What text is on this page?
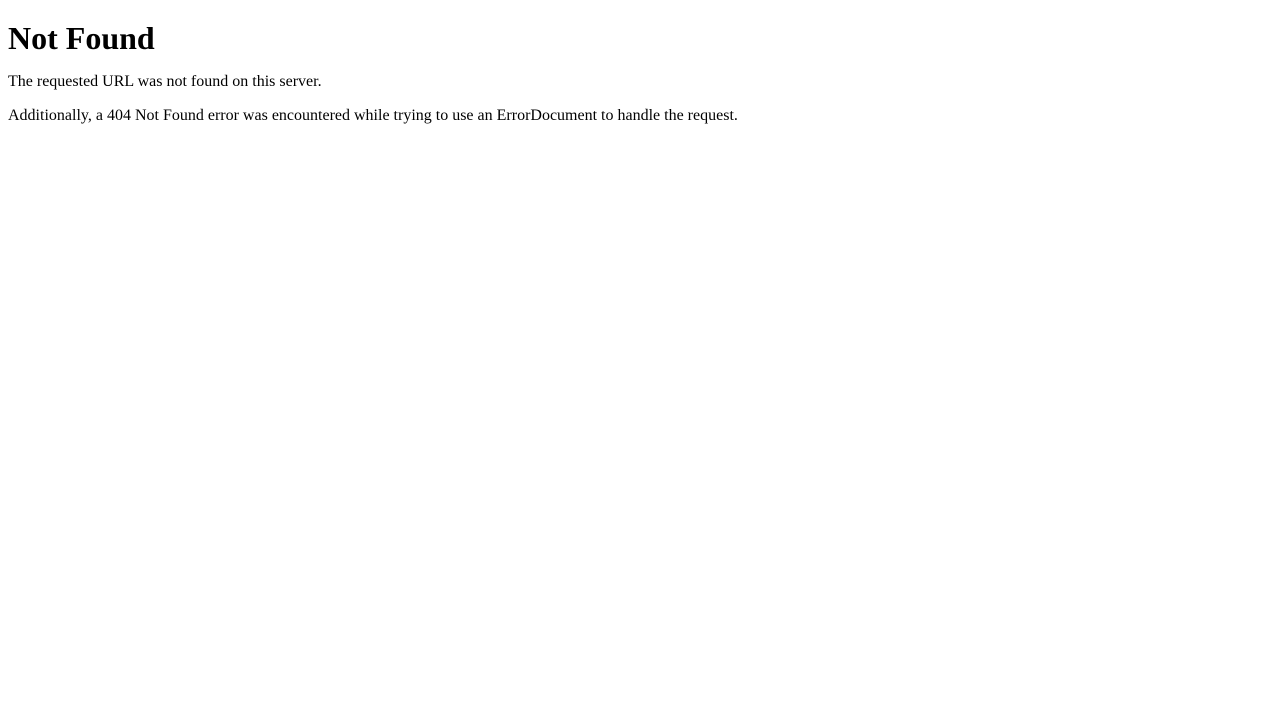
Not Found

The requested URL was not found on this server.

Additionally, a 404 Not Found error was encountered while trying to use an ErrorDocument to handle the request.
